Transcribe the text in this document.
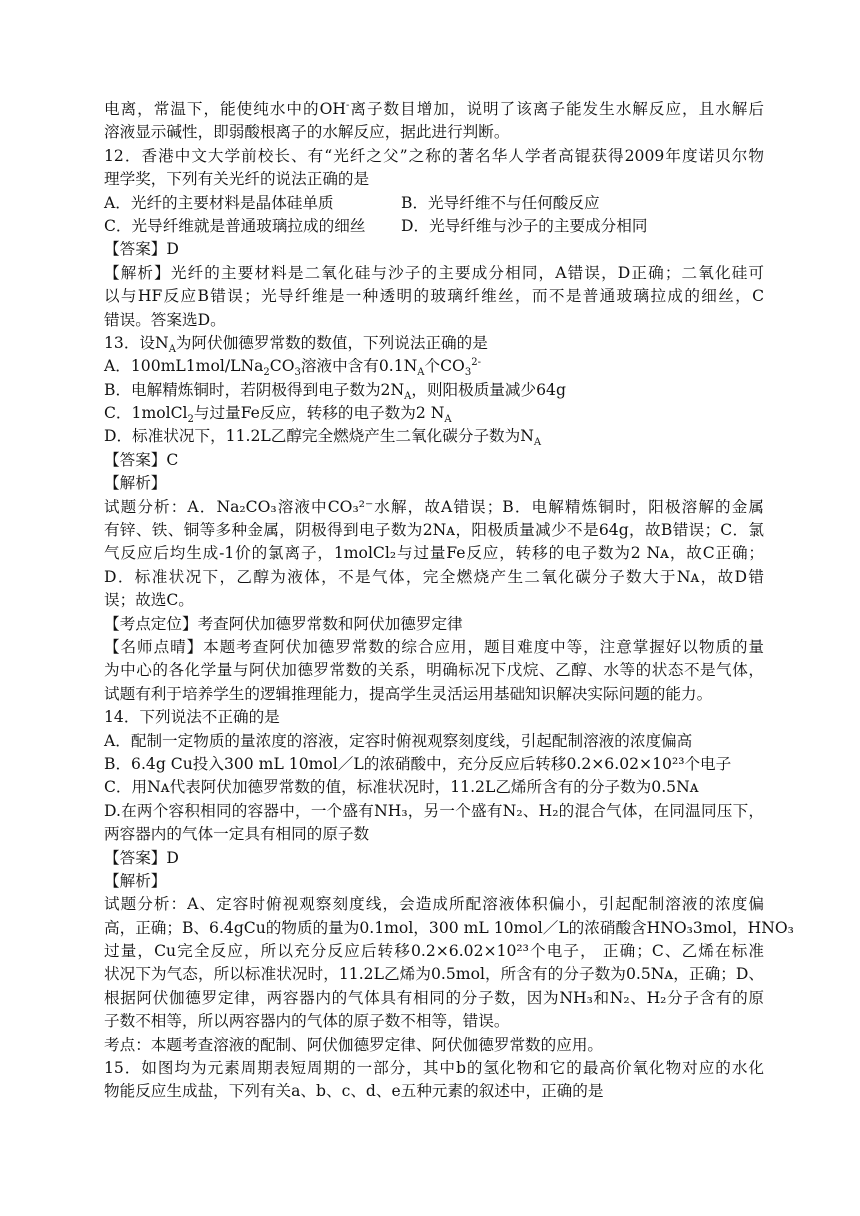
电离，常温下，能使纯水中的OH-离子数目增加，说明了该离子能发生水解反应，且水解后
溶液显示碱性，即弱酸根离子的水解反应，据此进行判断。
12．香港中文大学前校长、有“光纤之父”之称的著名华人学者高锟获得2009年度诺贝尔物
理学奖，下列有关光纤的说法正确的是
A．光纤的主要材料是晶体硅单质	B．光导纤维不与任何酸反应
C．光导纤维就是普通玻璃拉成的细丝	D．光导纤维与沙子的主要成分相同
【答案】D
【解析】光纤的主要材料是二氧化硅与沙子的主要成分相同，A错误，D正确；二氧化硅可
以与HF反应B错误；光导纤维是一种透明的玻璃纤维丝，而不是普通玻璃拉成的细丝，C
错误。答案选D。
13．设$N_A$为阿伏伽德罗常数的数值，下列说法正确的是
A．$100mL1mol/LNa_2CO_3$溶液中含有$0.1N_A$个$CO_3^{2-}$
B．电解精炼铜时，若阴极得到电子数为$2N_A$，则阳极质量减少64g
C．1molCl$_2$与过量Fe反应，转移的电子数为2 $N_A$
D．标准状况下，11.2L乙醇完全燃烧产生二氧化碳分子数为$N_A$
【答案】C
【解析】
试题分析：A．Na₂CO₃溶液中CO₃²⁻水解，故A错误；B．电解精炼铜时，阳极溶解的金属
有锌、铁、铜等多种金属，阴极得到电子数为2Nᴀ，阳极质量减少不是64g，故B错误；C．氯
气反应后均生成-1价的氯离子，1molCl₂与过量Fe反应，转移的电子数为2 Nᴀ，故C正确；
D．标准状况下，乙醇为液体，不是气体，完全燃烧产生二氧化碳分子数大于Nᴀ，故D错
误；故选C。
【考点定位】考查阿伏加德罗常数和阿伏加德罗定律
【名师点晴】本题考查阿伏加德罗常数的综合应用，题目难度中等，注意掌握好以物质的量
为中心的各化学量与阿伏加德罗常数的关系，明确标况下戊烷、乙醇、水等的状态不是气体，
试题有利于培养学生的逻辑推理能力，提高学生灵活运用基础知识解决实际问题的能力。
14．下列说法不正确的是
A．配制一定物质的量浓度的溶液，定容时俯视观察刻度线，引起配制溶液的浓度偏高
B．6.4g Cu投入300 mL 10mol／L的浓硝酸中，充分反应后转移0.2×6.02×10²³个电子
C．用Nᴀ代表阿伏加德罗常数的值，标准状况时，11.2L乙烯所含有的分子数为0.5Nᴀ
D.在两个容积相同的容器中，一个盛有NH₃，另一个盛有N₂、H₂的混合气体，在同温同压下，
两容器内的气体一定具有相同的原子数
【答案】D
【解析】
试题分析：A、定容时俯视观察刻度线，会造成所配溶液体积偏小，引起配制溶液的浓度偏
高，正确；B、6.4gCu的物质的量为0.1mol，300 mL 10mol／L的浓硝酸含HNO₃3mol，HNO₃
过量，Cu完全反应，所以充分反应后转移0.2×6.02×10²³个电子， 正确；C、乙烯在标准
状况下为气态，所以标准状况时，11.2L乙烯为0.5mol，所含有的分子数为0.5Nᴀ，正确；D、
根据阿伏伽德罗定律，两容器内的气体具有相同的分子数，因为NH₃和N₂、H₂分子含有的原
子数不相等，所以两容器内的气体的原子数不相等，错误。
考点：本题考查溶液的配制、阿伏伽德罗定律、阿伏伽德罗常数的应用。
15．如图均为元素周期表短周期的一部分，其中b的氢化物和它的最高价氧化物对应的水化
物能反应生成盐，下列有关a、b、c、d、e五种元素的叙述中，正确的是
